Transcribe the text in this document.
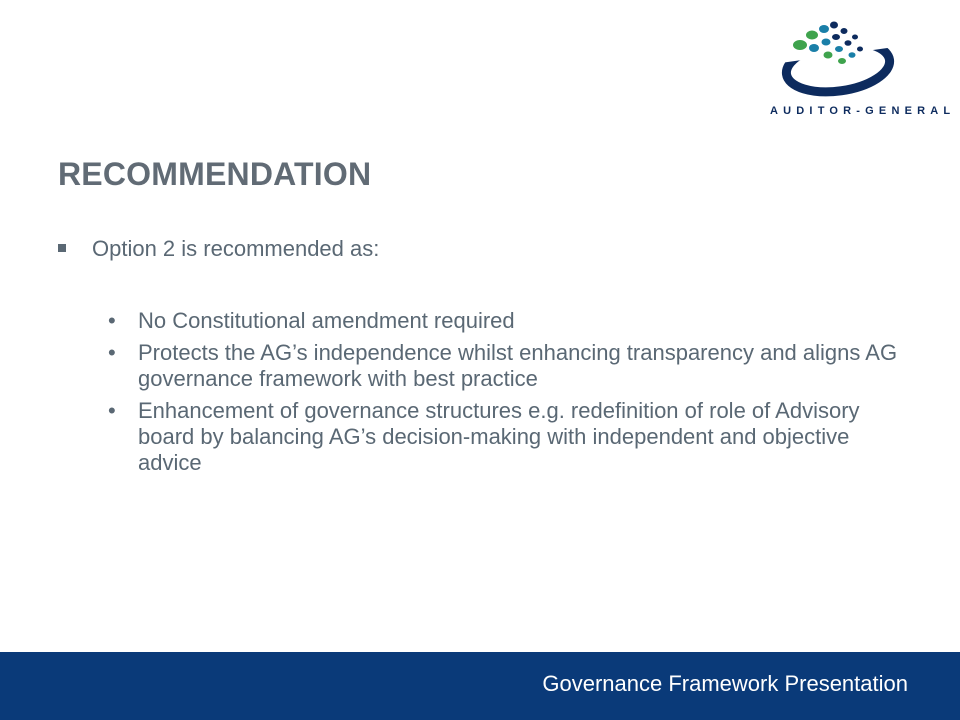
AUDITOR-GENERAL
RECOMMENDATION
Option 2 is recommended as:
• No Constitutional amendment required
• Protects the AG’s independence whilst enhancing transparency and aligns AG governance framework with best practice
• Enhancement of governance structures e.g. redefinition of role of Advisory board by balancing AG’s decision-making with independent and objective advice
Governance Framework Presentation
